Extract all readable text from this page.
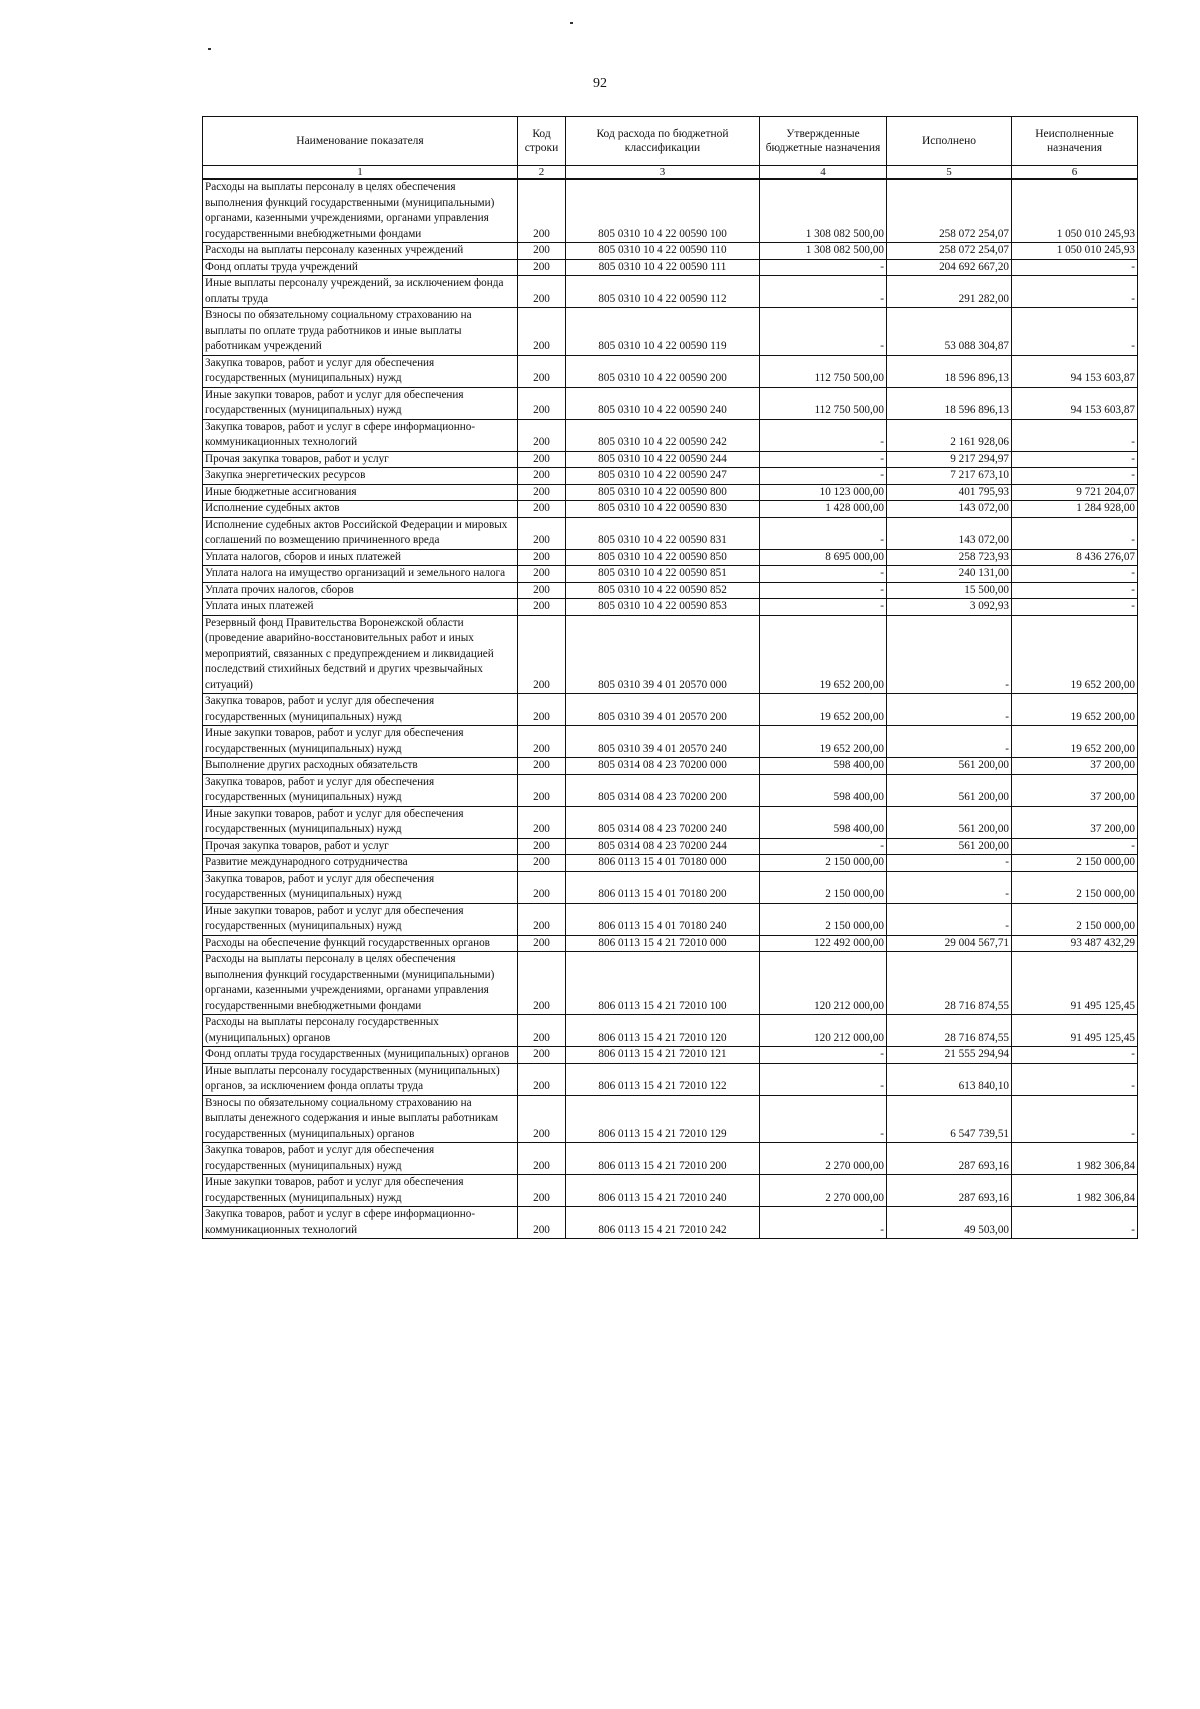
92
Наименование показателя	Код строки	Код расхода по бюджетной классификации	Утвержденные бюджетные назначения	Исполнено	Неисполненные назначения
1	2	3	4	5	6
Расходы на выплаты персоналу в целях обеспечения выполнения функций государственными (муниципальными) органами, казенными учреждениями, органами управления государственными внебюджетными фондами	200	805 0310 10 4 22 00590 100	1 308 082 500,00	258 072 254,07	1 050 010 245,93
Расходы на выплаты персоналу казенных учреждений	200	805 0310 10 4 22 00590 110	1 308 082 500,00	258 072 254,07	1 050 010 245,93
Фонд оплаты труда учреждений	200	805 0310 10 4 22 00590 111	-	204 692 667,20	-
Иные выплаты персоналу учреждений, за исключением фонда оплаты труда	200	805 0310 10 4 22 00590 112	-	291 282,00	-
Взносы по обязательному социальному страхованию на выплаты по оплате труда работников и иные выплаты работникам учреждений	200	805 0310 10 4 22 00590 119	-	53 088 304,87	-
Закупка товаров, работ и услуг для обеспечения государственных (муниципальных) нужд	200	805 0310 10 4 22 00590 200	112 750 500,00	18 596 896,13	94 153 603,87
Иные закупки товаров, работ и услуг для обеспечения государственных (муниципальных) нужд	200	805 0310 10 4 22 00590 240	112 750 500,00	18 596 896,13	94 153 603,87
Закупка товаров, работ и услуг в сфере информационно-коммуникационных технологий	200	805 0310 10 4 22 00590 242	-	2 161 928,06	-
Прочая закупка товаров, работ и услуг	200	805 0310 10 4 22 00590 244	-	9 217 294,97	-
Закупка энергетических ресурсов	200	805 0310 10 4 22 00590 247	-	7 217 673,10	-
Иные бюджетные ассигнования	200	805 0310 10 4 22 00590 800	10 123 000,00	401 795,93	9 721 204,07
Исполнение судебных актов	200	805 0310 10 4 22 00590 830	1 428 000,00	143 072,00	1 284 928,00
Исполнение судебных актов Российской Федерации и мировых соглашений по возмещению причиненного вреда	200	805 0310 10 4 22 00590 831	-	143 072,00	-
Уплата налогов, сборов и иных платежей	200	805 0310 10 4 22 00590 850	8 695 000,00	258 723,93	8 436 276,07
Уплата налога на имущество организаций и земельного налога	200	805 0310 10 4 22 00590 851	-	240 131,00	-
Уплата прочих налогов, сборов	200	805 0310 10 4 22 00590 852	-	15 500,00	-
Уплата иных платежей	200	805 0310 10 4 22 00590 853	-	3 092,93	-
Резервный фонд Правительства Воронежской области (проведение аварийно-восстановительных работ и иных мероприятий, связанных с предупреждением и ликвидацией последствий стихийных бедствий и других чрезвычайных ситуаций)	200	805 0310 39 4 01 20570 000	19 652 200,00	-	19 652 200,00
Закупка товаров, работ и услуг для обеспечения государственных (муниципальных) нужд	200	805 0310 39 4 01 20570 200	19 652 200,00	-	19 652 200,00
Иные закупки товаров, работ и услуг для обеспечения государственных (муниципальных) нужд	200	805 0310 39 4 01 20570 240	19 652 200,00	-	19 652 200,00
Выполнение других расходных обязательств	200	805 0314 08 4 23 70200 000	598 400,00	561 200,00	37 200,00
Закупка товаров, работ и услуг для обеспечения государственных (муниципальных) нужд	200	805 0314 08 4 23 70200 200	598 400,00	561 200,00	37 200,00
Иные закупки товаров, работ и услуг для обеспечения государственных (муниципальных) нужд	200	805 0314 08 4 23 70200 240	598 400,00	561 200,00	37 200,00
Прочая закупка товаров, работ и услуг	200	805 0314 08 4 23 70200 244	-	561 200,00	-
Развитие международного сотрудничества	200	806 0113 15 4 01 70180 000	2 150 000,00	-	2 150 000,00
Закупка товаров, работ и услуг для обеспечения государственных (муниципальных) нужд	200	806 0113 15 4 01 70180 200	2 150 000,00	-	2 150 000,00
Иные закупки товаров, работ и услуг для обеспечения государственных (муниципальных) нужд	200	806 0113 15 4 01 70180 240	2 150 000,00	-	2 150 000,00
Расходы на обеспечение функций государственных органов	200	806 0113 15 4 21 72010 000	122 492 000,00	29 004 567,71	93 487 432,29
Расходы на выплаты персоналу в целях обеспечения выполнения функций государственными (муниципальными) органами, казенными учреждениями, органами управления государственными внебюджетными фондами	200	806 0113 15 4 21 72010 100	120 212 000,00	28 716 874,55	91 495 125,45
Расходы на выплаты персоналу государственных (муниципальных) органов	200	806 0113 15 4 21 72010 120	120 212 000,00	28 716 874,55	91 495 125,45
Фонд оплаты труда государственных (муниципальных) органов	200	806 0113 15 4 21 72010 121	-	21 555 294,94	-
Иные выплаты персоналу государственных (муниципальных) органов, за исключением фонда оплаты труда	200	806 0113 15 4 21 72010 122	-	613 840,10	-
Взносы по обязательному социальному страхованию на выплаты денежного содержания и иные выплаты работникам государственных (муниципальных) органов	200	806 0113 15 4 21 72010 129	-	6 547 739,51	-
Закупка товаров, работ и услуг для обеспечения государственных (муниципальных) нужд	200	806 0113 15 4 21 72010 200	2 270 000,00	287 693,16	1 982 306,84
Иные закупки товаров, работ и услуг для обеспечения государственных (муниципальных) нужд	200	806 0113 15 4 21 72010 240	2 270 000,00	287 693,16	1 982 306,84
Закупка товаров, работ и услуг в сфере информационно-коммуникационных технологий	200	806 0113 15 4 21 72010 242	-	49 503,00	-
